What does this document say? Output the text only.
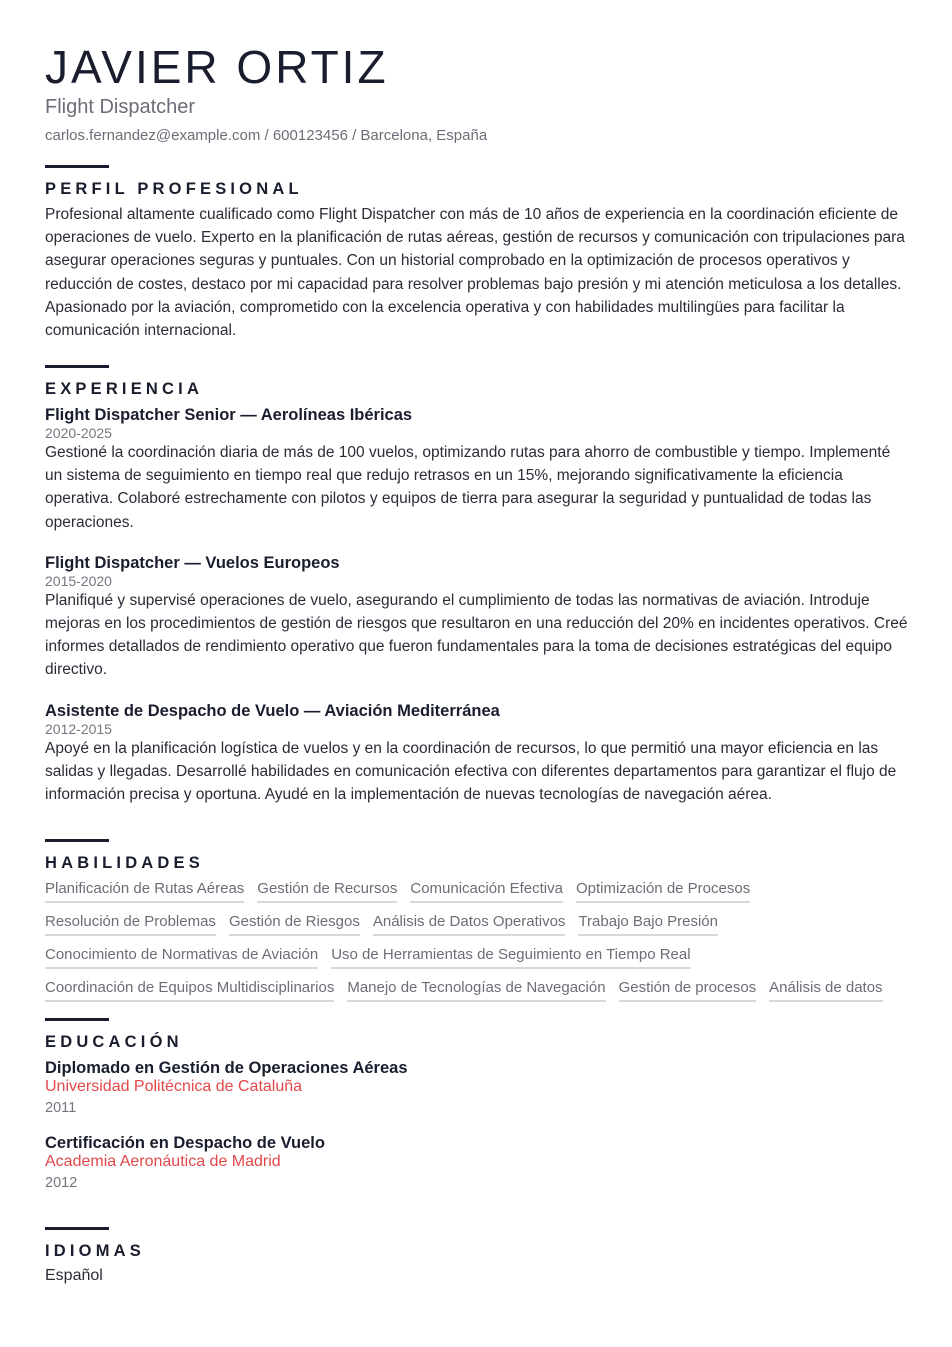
JAVIER ORTIZ
Flight Dispatcher
carlos.fernandez@example.com / 600123456 / Barcelona, España
PERFIL PROFESIONAL
Profesional altamente cualificado como Flight Dispatcher con más de 10 años de experiencia en la coordinación eficiente de operaciones de vuelo. Experto en la planificación de rutas aéreas, gestión de recursos y comunicación con tripulaciones para asegurar operaciones seguras y puntuales. Con un historial comprobado en la optimización de procesos operativos y reducción de costes, destaco por mi capacidad para resolver problemas bajo presión y mi atención meticulosa a los detalles. Apasionado por la aviación, comprometido con la excelencia operativa y con habilidades multilingües para facilitar la comunicación internacional.
EXPERIENCIA
Flight Dispatcher Senior — Aerolíneas Ibéricas
2020-2025
Gestioné la coordinación diaria de más de 100 vuelos, optimizando rutas para ahorro de combustible y tiempo. Implementé un sistema de seguimiento en tiempo real que redujo retrasos en un 15%, mejorando significativamente la eficiencia operativa. Colaboré estrechamente con pilotos y equipos de tierra para asegurar la seguridad y puntualidad de todas las operaciones.
Flight Dispatcher — Vuelos Europeos
2015-2020
Planifiqué y supervisé operaciones de vuelo, asegurando el cumplimiento de todas las normativas de aviación. Introduje mejoras en los procedimientos de gestión de riesgos que resultaron en una reducción del 20% en incidentes operativos. Creé informes detallados de rendimiento operativo que fueron fundamentales para la toma de decisiones estratégicas del equipo directivo.
Asistente de Despacho de Vuelo — Aviación Mediterránea
2012-2015
Apoyé en la planificación logística de vuelos y en la coordinación de recursos, lo que permitió una mayor eficiencia en las salidas y llegadas. Desarrollé habilidades en comunicación efectiva con diferentes departamentos para garantizar el flujo de información precisa y oportuna. Ayudé en la implementación de nuevas tecnologías de navegación aérea.
HABILIDADES
Planificación de Rutas Aéreas Gestión de Recursos Comunicación Efectiva Optimización de Procesos
Resolución de Problemas Gestión de Riesgos Análisis de Datos Operativos Trabajo Bajo Presión
Conocimiento de Normativas de Aviación Uso de Herramientas de Seguimiento en Tiempo Real
Coordinación de Equipos Multidisciplinarios Manejo de Tecnologías de Navegación Gestión de procesos Análisis de datos
EDUCACIÓN
Diplomado en Gestión de Operaciones Aéreas
Universidad Politécnica de Cataluña
2011
Certificación en Despacho de Vuelo
Academia Aeronáutica de Madrid
2012
IDIOMAS
Español
